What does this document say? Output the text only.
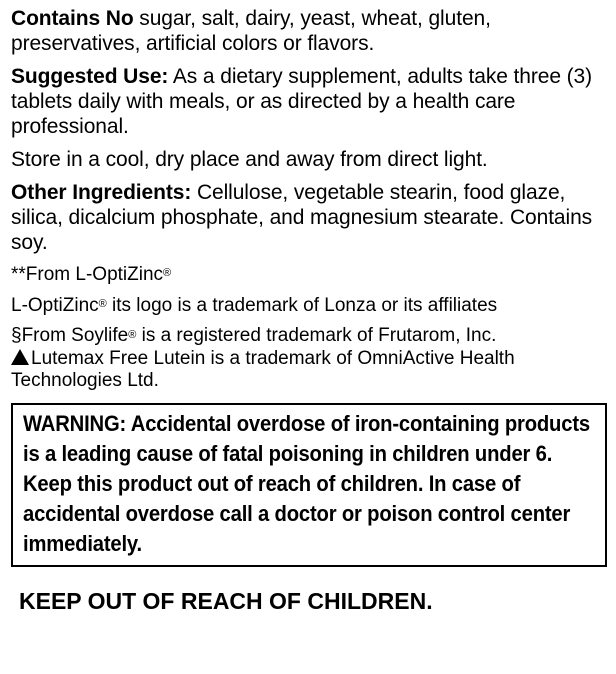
Contains No sugar, salt, dairy, yeast, wheat, gluten, preservatives, artificial colors or flavors.

Suggested Use: As a dietary supplement, adults take three (3) tablets daily with meals, or as directed by a health care professional.

Store in a cool, dry place and away from direct light.

Other Ingredients: Cellulose, vegetable stearin, food glaze, silica, dicalcium phosphate, and magnesium stearate. Contains soy.

**From L-OptiZinc®

L-OptiZinc® its logo is a trademark of Lonza or its affiliates

§From Soylife® is a registered trademark of Frutarom, Inc.

Lutemax Free Lutein is a trademark of OmniActive Health Technologies Ltd.

WARNING: Accidental overdose of iron-containing products is a leading cause of fatal poisoning in children under 6. Keep this product out of reach of children. In case of accidental overdose call a doctor or poison control center immediately.
KEEP OUT OF REACH OF CHILDREN.
